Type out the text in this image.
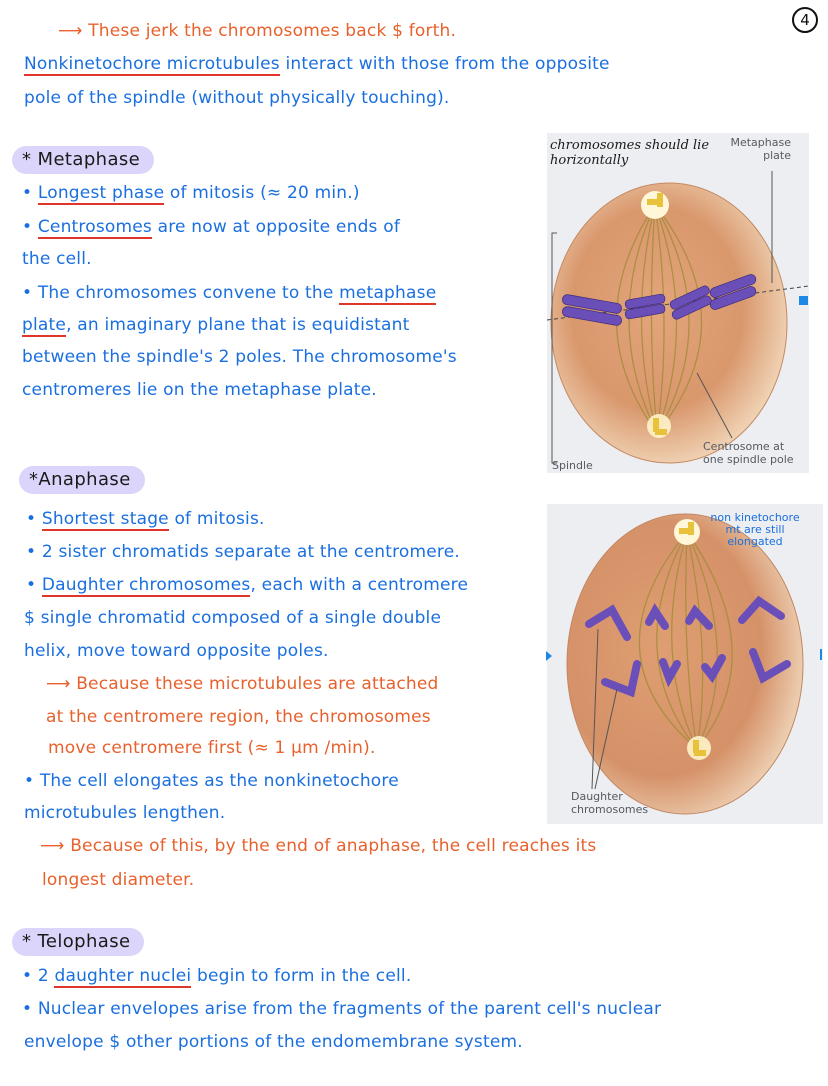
4
⟶ These jerk the chromosomes back $ forth.
Nonkinetochore microtubules interact with those from the opposite
pole of the spindle (without physically touching).
* Metaphase
• Longest phase of mitosis (≈ 20 min.)
• Centrosomes are now at opposite ends of
the cell.
• The chromosomes convene to the metaphase
plate, an imaginary plane that is equidistant
between the spindle's 2 poles. The chromosome's
centromeres lie on the metaphase plate.
chromosomes should lie horizontally
Metaphase plate
Spindle
Centrosome at one spindle pole
*Anaphase
• Shortest stage of mitosis.
• 2 sister chromatids separate at the centromere.
• Daughter chromosomes, each with a centromere
$ single chromatid composed of a single double
helix, move toward opposite poles.
⟶ Because these microtubules are attached
at the centromere region, the chromosomes
move centromere first (≈ 1 µm /min).
• The cell elongates as the nonkinetochore
microtubules lengthen.
⟶ Because of this, by the end of anaphase, the cell reaches its
longest diameter.
non kinetochore mt are still elongated
Daughter chromosomes
* Telophase
• 2 daughter nuclei begin to form in the cell.
• Nuclear envelopes arise from the fragments of the parent cell's nuclear
envelope $ other portions of the endomembrane system.
